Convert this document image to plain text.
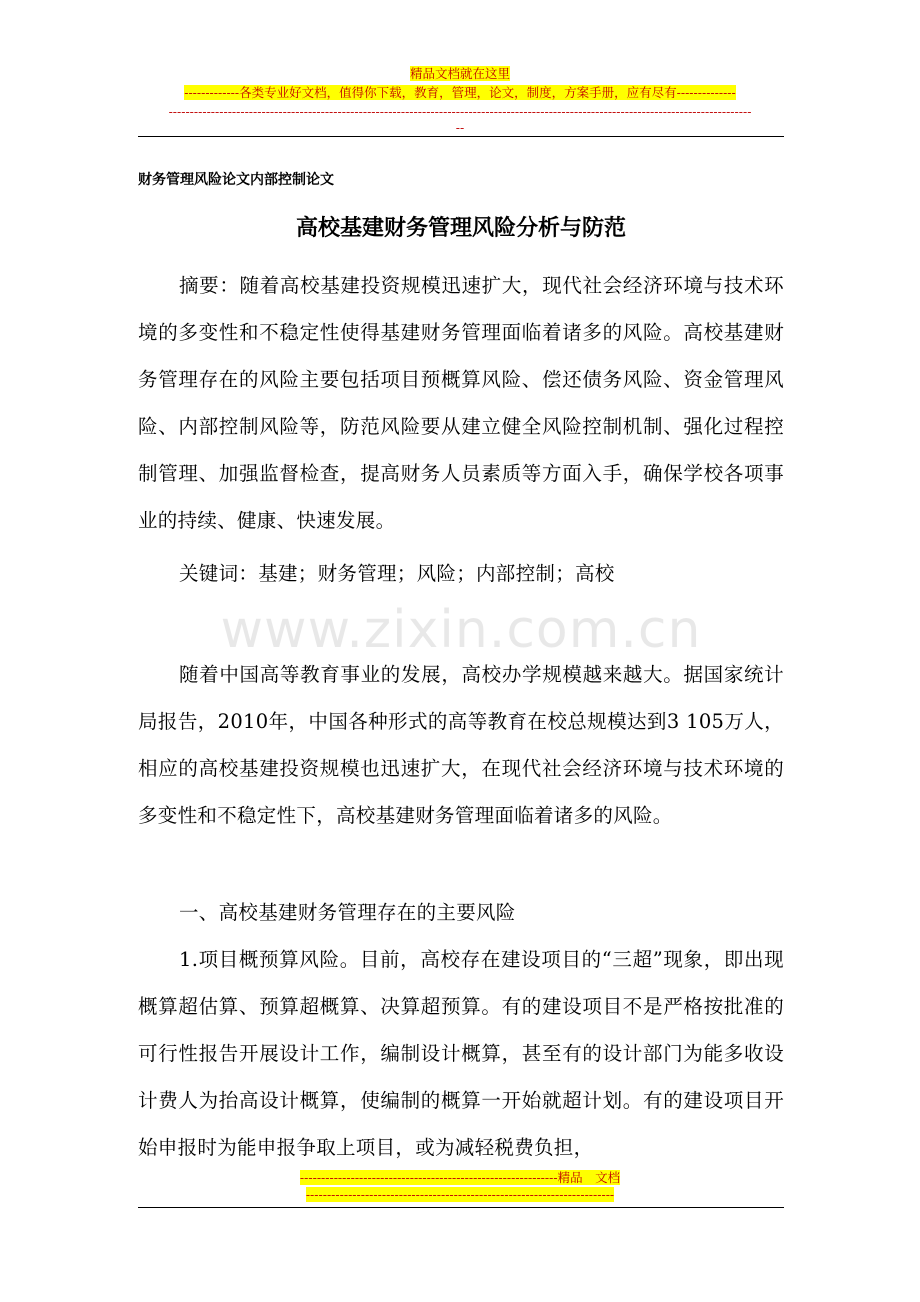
精品文档就在这里
-------------各类专业好文档，值得你下载，教育，管理，论文，制度，方案手册，应有尽有--------------
------------------------------------------------------------------------------------------------------------------------------------------
--
财务管理风险论文内部控制论文
高校基建财务管理风险分析与防范
www.zixin.com.cn

摘要：随着高校基建投资规模迅速扩大，现代社会经济环境与技术环境的多变性和不稳定性使得基建财务管理面临着诸多的风险。高校基建财务管理存在的风险主要包括项目预概算风险、偿还债务风险、资金管理风险、内部控制风险等，防范风险要从建立健全风险控制机制、强化过程控制管理、加强监督检查，提高财务人员素质等方面入手，确保学校各项事业的持续、健康、快速发展。

关键词：基建；财务管理；风险；内部控制；高校

随着中国高等教育事业的发展，高校办学规模越来越大。据国家统计局报告，2010年，中国各种形式的高等教育在校总规模达到3 105万人，相应的高校基建投资规模也迅速扩大，在现代社会经济环境与技术环境的多变性和不稳定性下，高校基建财务管理面临着诸多的风险。

一、高校基建财务管理存在的主要风险

1.项目概预算风险。目前，高校存在建设项目的“三超”现象，即出现概算超估算、预算超概算、决算超预算。有的建设项目不是严格按批准的可行性报告开展设计工作，编制设计概算，甚至有的设计部门为能多收设计费人为抬高设计概算，使编制的概算一开始就超计划。有的建设项目开始申报时为能申报争取上项目，或为减轻税费负担，

-------------------------------------------------------------精品　文档
-------------------------------------------------------------------------
